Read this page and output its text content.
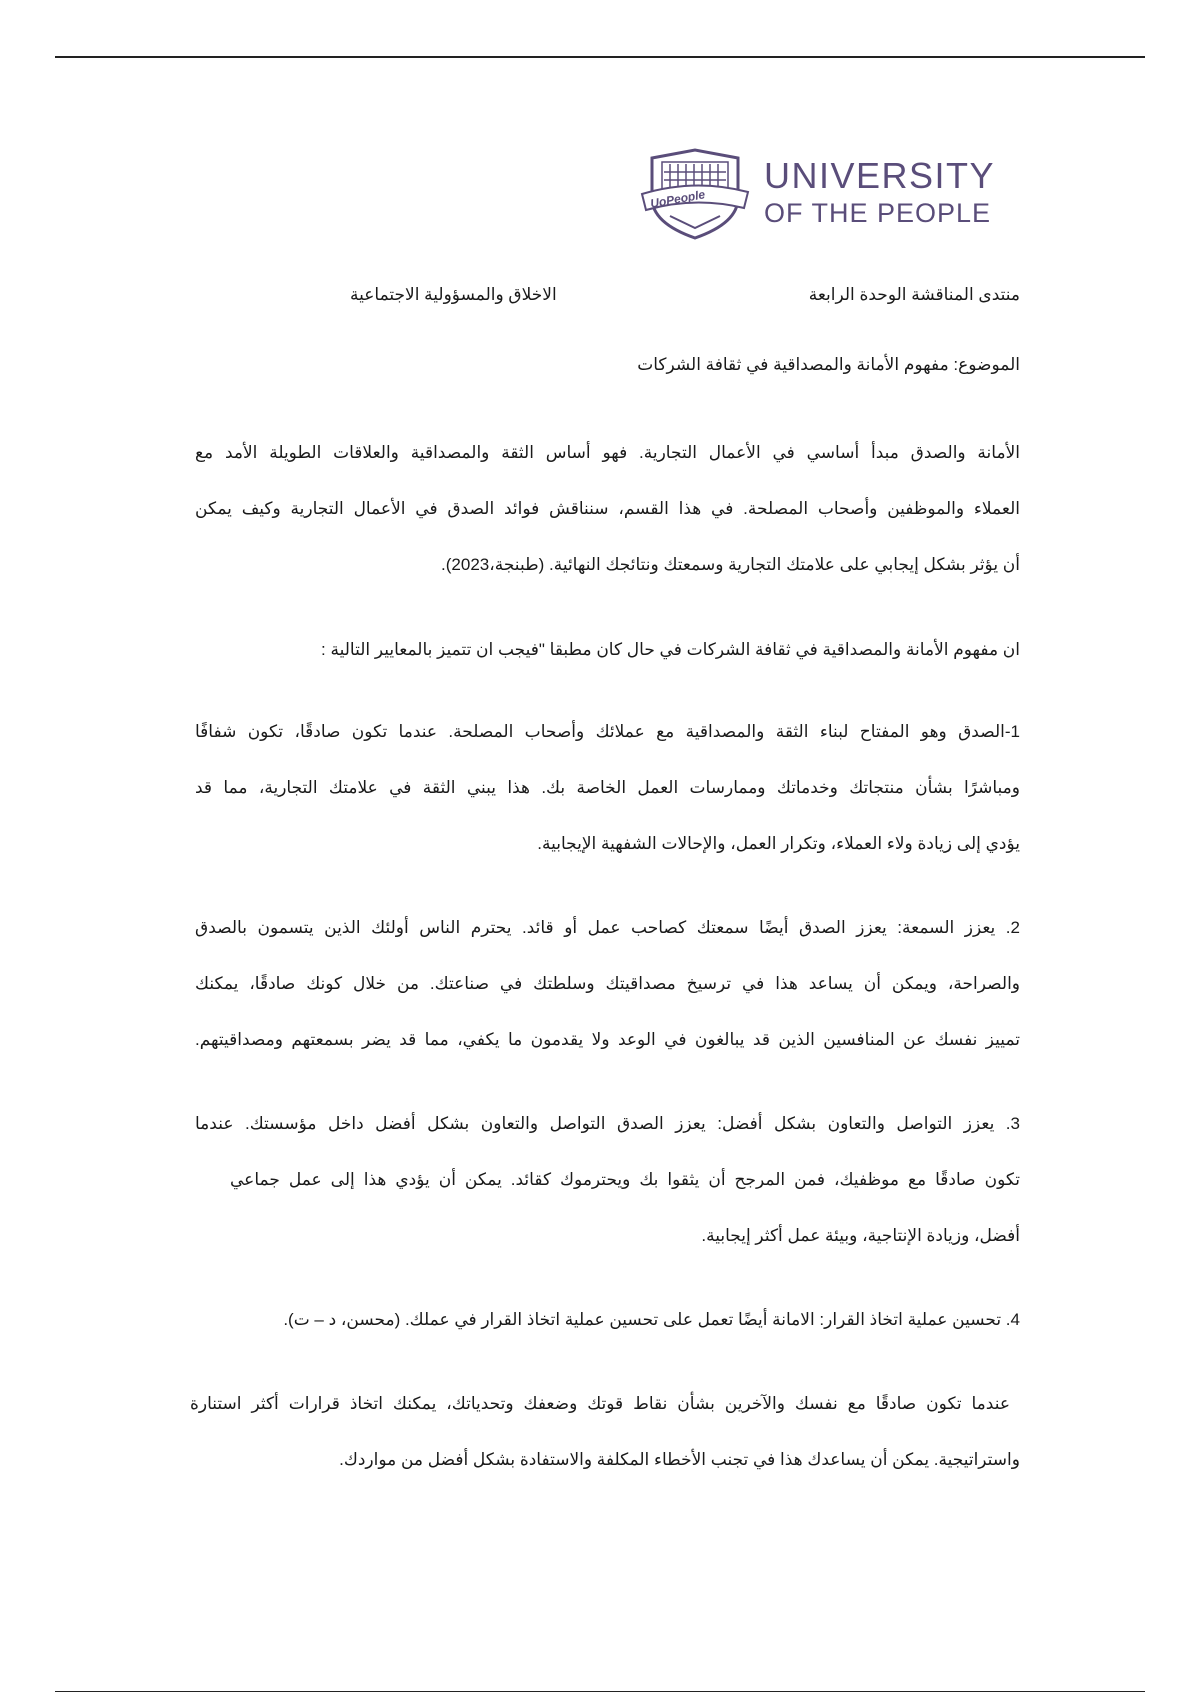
UoPeople
UNIVERSITY
OF THE PEOPLE
منتدى المناقشة الوحدة الرابعة
الاخلاق والمسؤولية الاجتماعية
الموضوع: مفهوم الأمانة والمصداقية في ثقافة الشركات
الأمانة والصدق مبدأ أساسي في الأعمال التجارية. فهو أساس الثقة والمصداقية والعلاقات الطويلة الأمد مع
العملاء والموظفين وأصحاب المصلحة. في هذا القسم، سنناقش فوائد الصدق في الأعمال التجارية وكيف يمكن
أن يؤثر بشكل إيجابي على علامتك التجارية وسمعتك ونتائجك النهائية. (طبنجة،2023).
ان مفهوم الأمانة والمصداقية في ثقافة الشركات في حال كان مطبقا "فيجب ان تتميز بالمعايير التالية :
1-الصدق وهو المفتاح لبناء الثقة والمصداقية مع عملائك وأصحاب المصلحة. عندما تكون صادقًا، تكون شفافًا
ومباشرًا بشأن منتجاتك وخدماتك وممارسات العمل الخاصة بك. هذا يبني الثقة في علامتك التجارية، مما قد
يؤدي إلى زيادة ولاء العملاء، وتكرار العمل، والإحالات الشفهية الإيجابية.
2. يعزز السمعة: يعزز الصدق أيضًا سمعتك كصاحب عمل أو قائد. يحترم الناس أولئك الذين يتسمون بالصدق
والصراحة، ويمكن أن يساعد هذا في ترسيخ مصداقيتك وسلطتك في صناعتك. من خلال كونك صادقًا، يمكنك
تمييز نفسك عن المنافسين الذين قد يبالغون في الوعد ولا يقدمون ما يكفي، مما قد يضر بسمعتهم ومصداقيتهم.
3. يعزز التواصل والتعاون بشكل أفضل: يعزز الصدق التواصل والتعاون بشكل أفضل داخل مؤسستك. عندما
تكون صادقًا مع موظفيك، فمن المرجح أن يثقوا بك ويحترموك كقائد. يمكن أن يؤدي هذا إلى عمل جماعي
أفضل، وزيادة الإنتاجية، وبيئة عمل أكثر إيجابية.
4. تحسين عملية اتخاذ القرار: الامانة أيضًا تعمل على تحسين عملية اتخاذ القرار في عملك. (محسن، د – ت).
عندما تكون صادقًا مع نفسك والآخرين بشأن نقاط قوتك وضعفك وتحدياتك، يمكنك اتخاذ قرارات أكثر استنارة
واستراتيجية. يمكن أن يساعدك هذا في تجنب الأخطاء المكلفة والاستفادة بشكل أفضل من مواردك.
